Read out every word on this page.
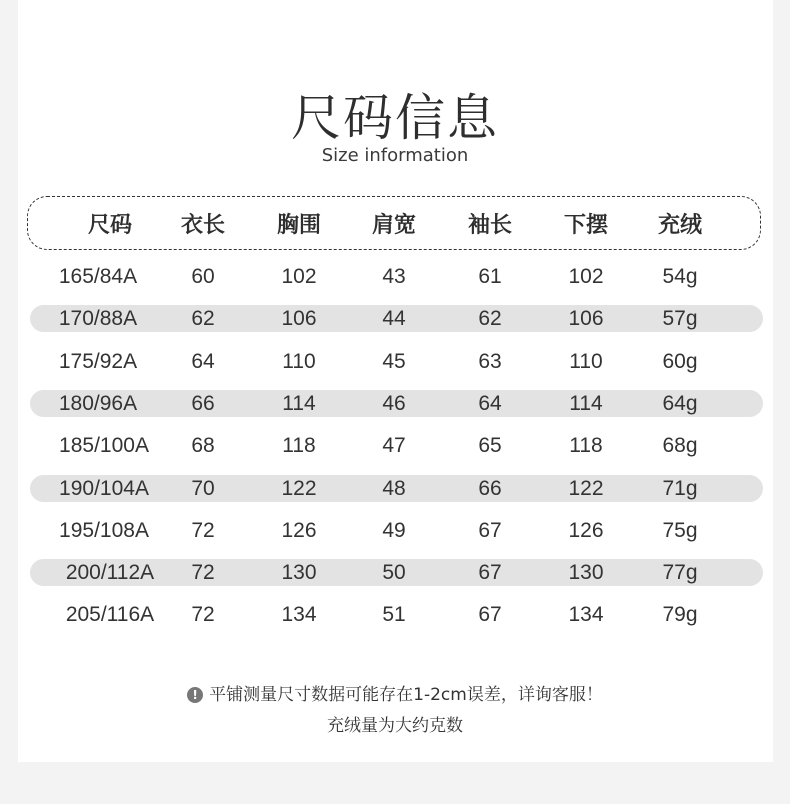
尺码信息
Size information
尺码	衣长	胸围	肩宽	袖长	下摆	充绒
165/84A	60	102	43	61	102	54g
170/88A	62	106	44	62	106	57g
175/92A	64	110	45	63	110	60g
180/96A	66	114	46	64	114	64g
185/100A	68	118	47	65	118	68g
190/104A	70	122	48	66	122	71g
195/108A	72	126	49	67	126	75g
200/112A	72	130	50	67	130	77g
205/116A	72	134	51	67	134	79g
! 平铺测量尺寸数据可能存在1-2cm误差，详询客服！
充绒量为大约克数
